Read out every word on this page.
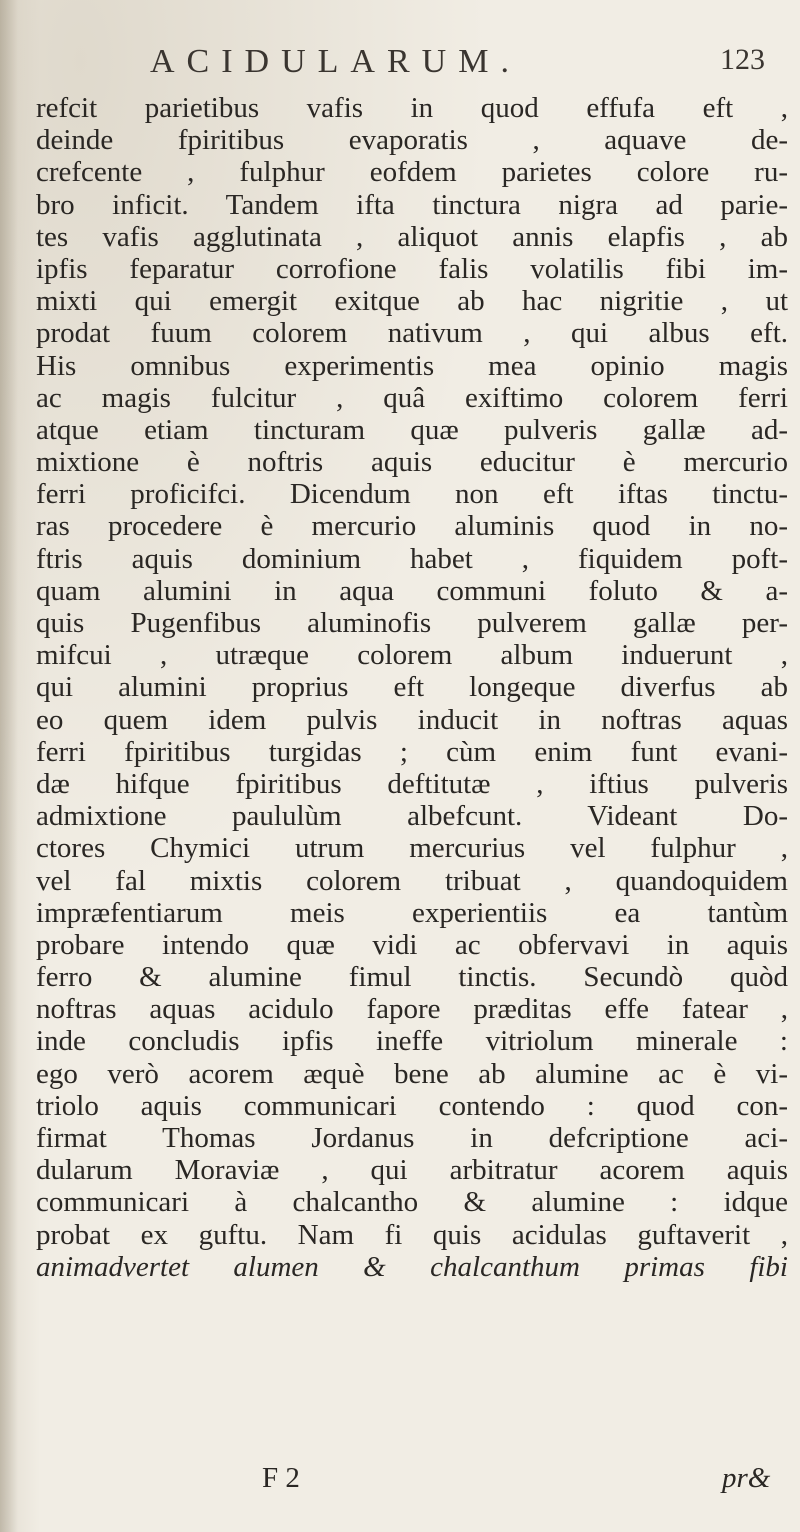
ACIDULARUM.	123
refcit parietibus vafis in quod effufa eft ,
deinde fpiritibus evaporatis , aquave de-
crefcente , fulphur eofdem parietes colore ru-
bro inficit. Tandem ifta tinctura nigra ad parie-
tes vafis agglutinata , aliquot annis elapfis , ab
ipfis feparatur corrofione falis volatilis fibi im-
mixti qui emergit exitque ab hac nigritie , ut
prodat fuum colorem nativum , qui albus eft.
His omnibus experimentis mea opinio magis
ac magis fulcitur , quâ exiftimo colorem ferri
atque etiam tincturam quæ pulveris gallæ ad-
mixtione è noftris aquis educitur è mercurio
ferri proficifci. Dicendum non eft iftas tinctu-
ras procedere è mercurio aluminis quod in no-
ftris aquis dominium habet , fiquidem poft-
quam alumini in aqua communi foluto & a-
quis Pugenfibus aluminofis pulverem gallæ per-
mifcui , utræque colorem album induerunt ,
qui alumini proprius eft longeque diverfus ab
eo quem idem pulvis inducit in noftras aquas
ferri fpiritibus turgidas ; cùm enim funt evani-
dæ hifque fpiritibus deftitutæ , iftius pulveris
admixtione paululùm albefcunt. Videant Do-
ctores Chymici utrum mercurius vel fulphur ,
vel fal mixtis colorem tribuat , quandoquidem
impræfentiarum meis experientiis ea tantùm
probare intendo quæ vidi ac obfervavi in aquis
ferro & alumine fimul tinctis. Secundò quòd
noftras aquas acidulo fapore præditas effe fatear ,
inde concludis ipfis ineffe vitriolum minerale :
ego verò acorem æquè bene ab alumine ac è vi-
triolo aquis communicari contendo : quod con-
firmat Thomas Jordanus in defcriptione aci-
dularum Moraviæ , qui arbitratur acorem aquis
communicari à chalcantho & alumine : idque
probat ex guftu. Nam fi quis acidulas guftaverit ,
animadvertet alumen & chalcanthum primas fibi
F 2	pr&
